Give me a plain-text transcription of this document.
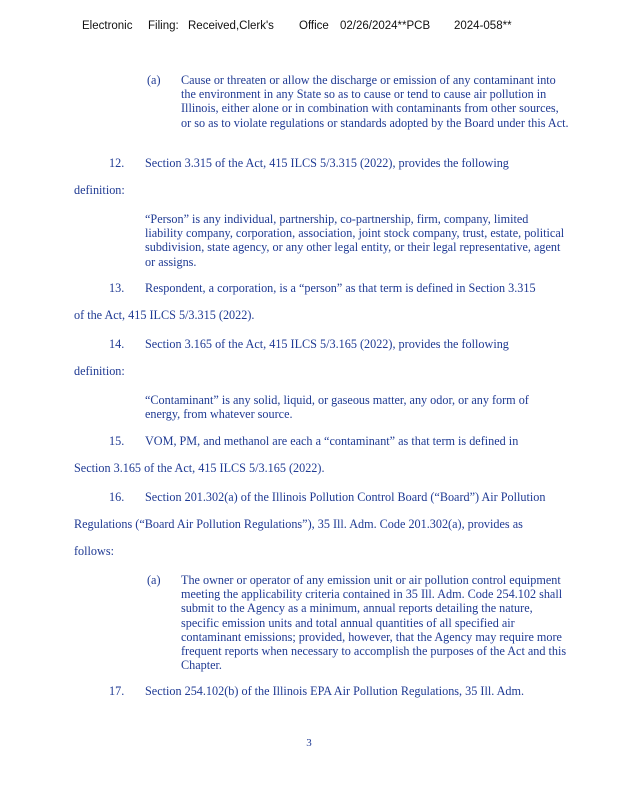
Electronic Filing: Received,Clerk's Office 02/26/2024**PCB 2024-058**
(a) Cause or threaten or allow the discharge or emission of any contaminant into the environment in any State so as to cause or tend to cause air pollution in Illinois, either alone or in combination with contaminants from other sources, or so as to violate regulations or standards adopted by the Board under this Act.
12. Section 3.315 of the Act, 415 ILCS 5/3.315 (2022), provides the following
definition:
“Person” is any individual, partnership, co-partnership, firm, company, limited liability company, corporation, association, joint stock company, trust, estate, political subdivision, state agency, or any other legal entity, or their legal representative, agent or assigns.
13. Respondent, a corporation, is a “person” as that term is defined in Section 3.315
of the Act, 415 ILCS 5/3.315 (2022).
14. Section 3.165 of the Act, 415 ILCS 5/3.165 (2022), provides the following
definition:
“Contaminant” is any solid, liquid, or gaseous matter, any odor, or any form of energy, from whatever source.
15. VOM, PM, and methanol are each a “contaminant” as that term is defined in
Section 3.165 of the Act, 415 ILCS 5/3.165 (2022).
16. Section 201.302(a) of the Illinois Pollution Control Board (“Board”) Air Pollution
Regulations (“Board Air Pollution Regulations”), 35 Ill. Adm. Code 201.302(a), provides as
follows:
(a) The owner or operator of any emission unit or air pollution control equipment meeting the applicability criteria contained in 35 Ill. Adm. Code 254.102 shall submit to the Agency as a minimum, annual reports detailing the nature, specific emission units and total annual quantities of all specified air contaminant emissions; provided, however, that the Agency may require more frequent reports when necessary to accomplish the purposes of the Act and this Chapter.
17. Section 254.102(b) of the Illinois EPA Air Pollution Regulations, 35 Ill. Adm.
3
